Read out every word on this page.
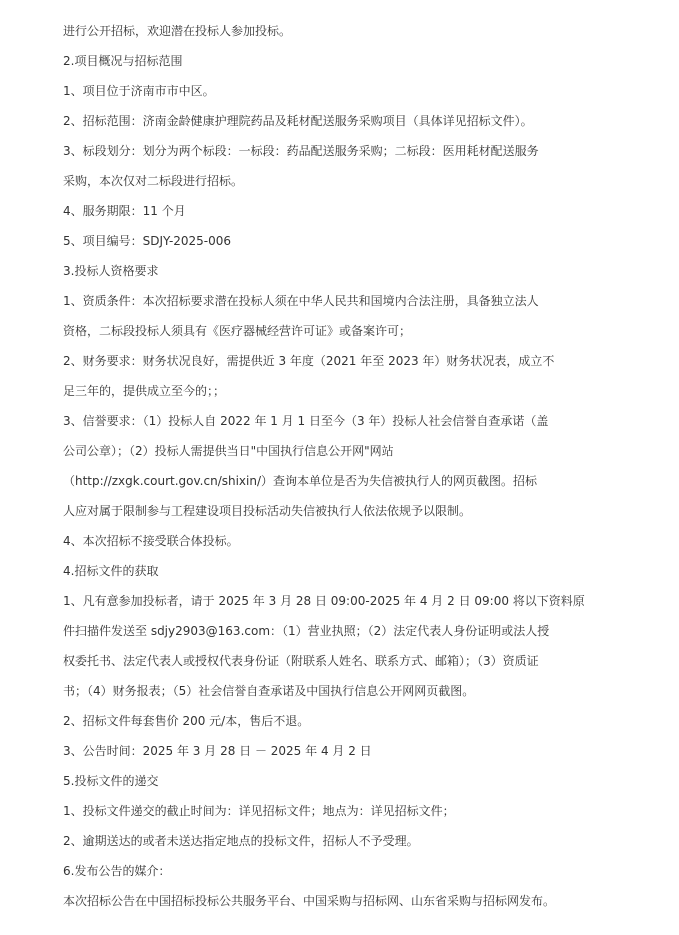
进行公开招标，欢迎潜在投标人参加投标。
2.项目概况与招标范围
1、项目位于济南市市中区。
2、招标范围：济南金龄健康护理院药品及耗材配送服务采购项目（具体详见招标文件）。
3、标段划分：划分为两个标段：一标段：药品配送服务采购；二标段：医用耗材配送服务
采购，本次仅对二标段进行招标。
4、服务期限：11 个月
5、项目编号：SDJY-2025-006
3.投标人资格要求
1、资质条件：本次招标要求潜在投标人须在中华人民共和国境内合法注册，具备独立法人
资格，二标段投标人须具有《医疗器械经营许可证》或备案许可；
2、财务要求：财务状况良好，需提供近 3 年度（2021 年至 2023 年）财务状况表，成立不
足三年的，提供成立至今的；；
3、信誉要求：（1）投标人自 2022 年 1 月 1 日至今（3 年）投标人社会信誉自查承诺（盖
公司公章）；（2）投标人需提供当日"中国执行信息公开网"网站
（http://zxgk.court.gov.cn/shixin/）查询本单位是否为失信被执行人的网页截图。招标
人应对属于限制参与工程建设项目投标活动失信被执行人依法依规予以限制。
4、本次招标不接受联合体投标。
4.招标文件的获取
1、凡有意参加投标者，请于 2025 年 3 月 28 日 09:00-2025 年 4 月 2 日 09:00 将以下资料原
件扫描件发送至 sdjy2903@163.com：（1）营业执照；（2）法定代表人身份证明或法人授
权委托书、法定代表人或授权代表身份证（附联系人姓名、联系方式、邮箱）；（3）资质证
书；（4）财务报表；（5）社会信誉自查承诺及中国执行信息公开网网页截图。
2、招标文件每套售价 200 元/本，售后不退。
3、公告时间：2025 年 3 月 28 日 － 2025 年 4 月 2 日
5.投标文件的递交
1、投标文件递交的截止时间为：详见招标文件；地点为：详见招标文件；
2、逾期送达的或者未送达指定地点的投标文件，招标人不予受理。
6.发布公告的媒介：
本次招标公告在中国招标投标公共服务平台、中国采购与招标网、山东省采购与招标网发布。
